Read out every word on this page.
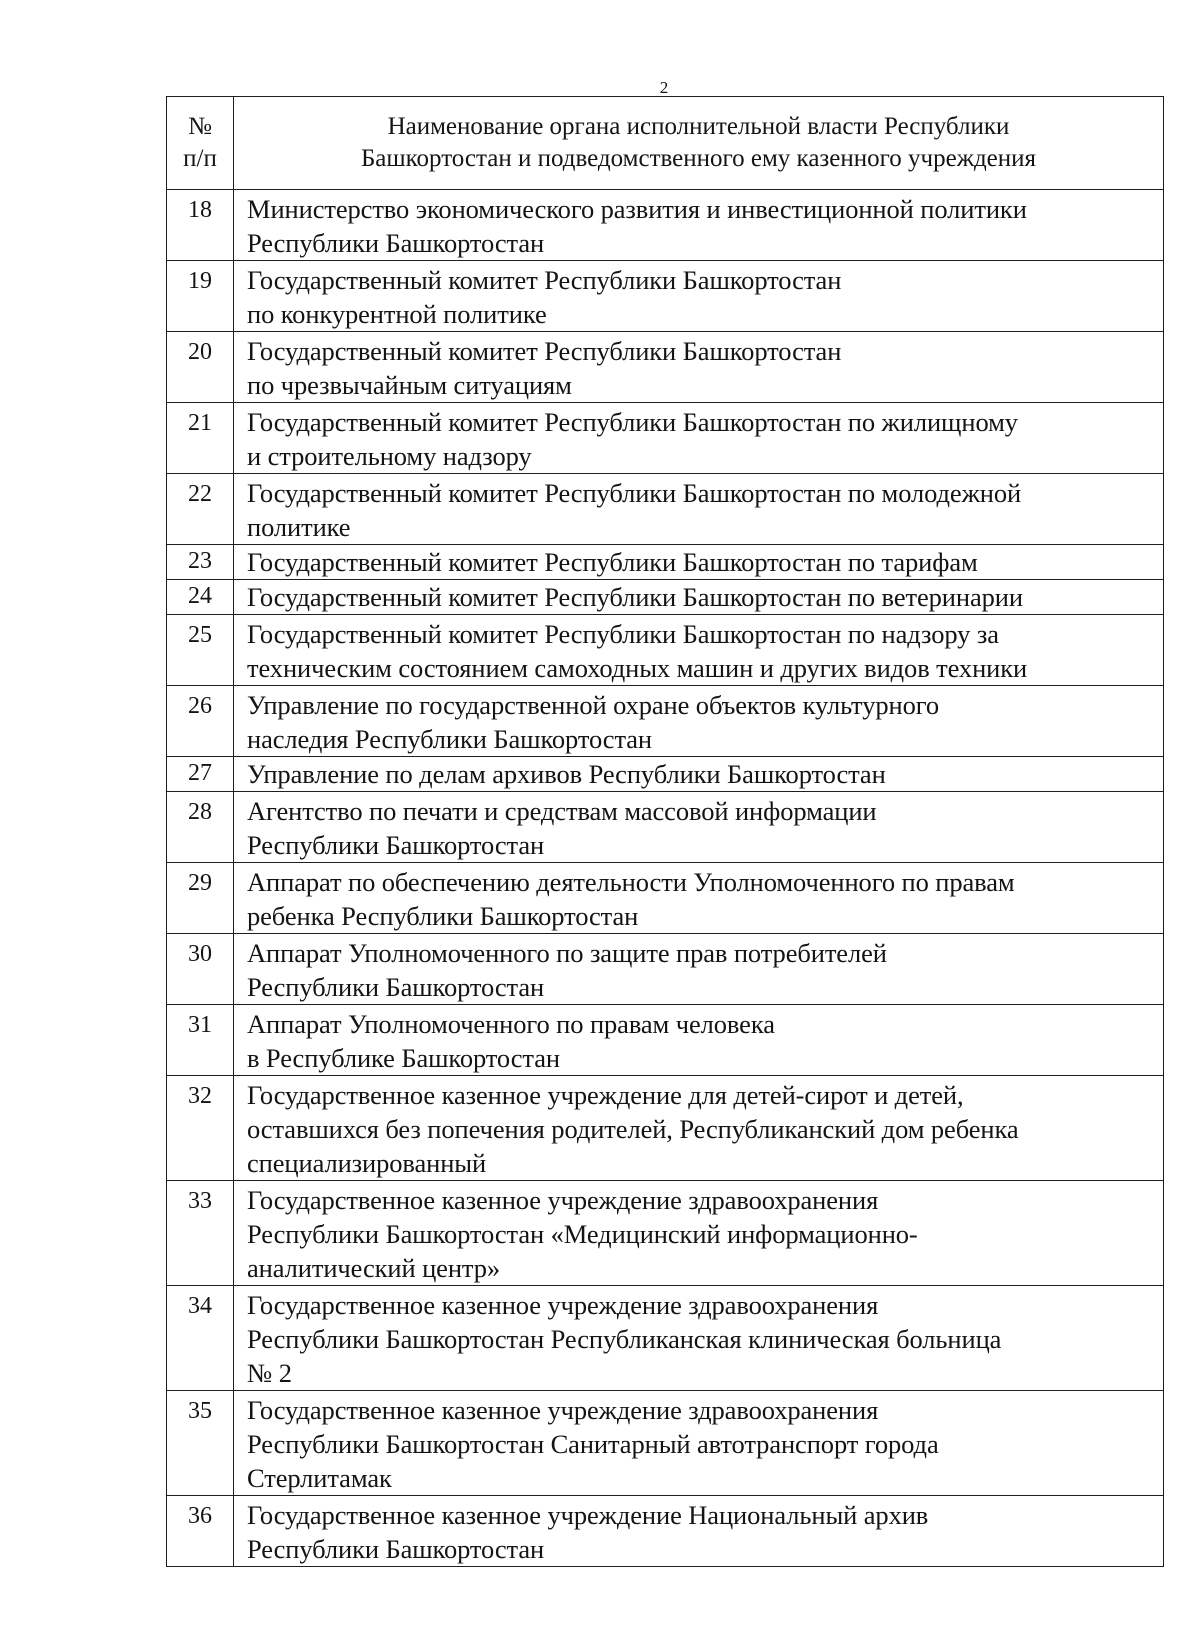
2
№
п/п	Наименование органа исполнительной власти Республики
Башкортостан и подведомственного ему казенного учреждения
18	Министерство экономического развития и инвестиционной политики
Республики Башкортостан
19	Государственный комитет Республики Башкортостан
по конкурентной политике
20	Государственный комитет Республики Башкортостан
по чрезвычайным ситуациям
21	Государственный комитет Республики Башкортостан по жилищному
и строительному надзору
22	Государственный комитет Республики Башкортостан по молодежной
политике
23	Государственный комитет Республики Башкортостан по тарифам
24	Государственный комитет Республики Башкортостан по ветеринарии
25	Государственный комитет Республики Башкортостан по надзору за
техническим состоянием самоходных машин и других видов техники
26	Управление по государственной охране объектов культурного
наследия Республики Башкортостан
27	Управление по делам архивов Республики Башкортостан
28	Агентство по печати и средствам массовой информации
Республики Башкортостан
29	Аппарат по обеспечению деятельности Уполномоченного по правам
ребенка Республики Башкортостан
30	Аппарат Уполномоченного по защите прав потребителей
Республики Башкортостан
31	Аппарат Уполномоченного по правам человека
в Республике Башкортостан
32	Государственное казенное учреждение для детей-сирот и детей,
оставшихся без попечения родителей, Республиканский дом ребенка
специализированный
33	Государственное казенное учреждение здравоохранения
Республики Башкортостан «Медицинский информационно-
аналитический центр»
34	Государственное казенное учреждение здравоохранения
Республики Башкортостан Республиканская клиническая больница
№ 2
35	Государственное казенное учреждение здравоохранения
Республики Башкортостан Санитарный автотранспорт города
Стерлитамак
36	Государственное казенное учреждение Национальный архив
Республики Башкортостан
